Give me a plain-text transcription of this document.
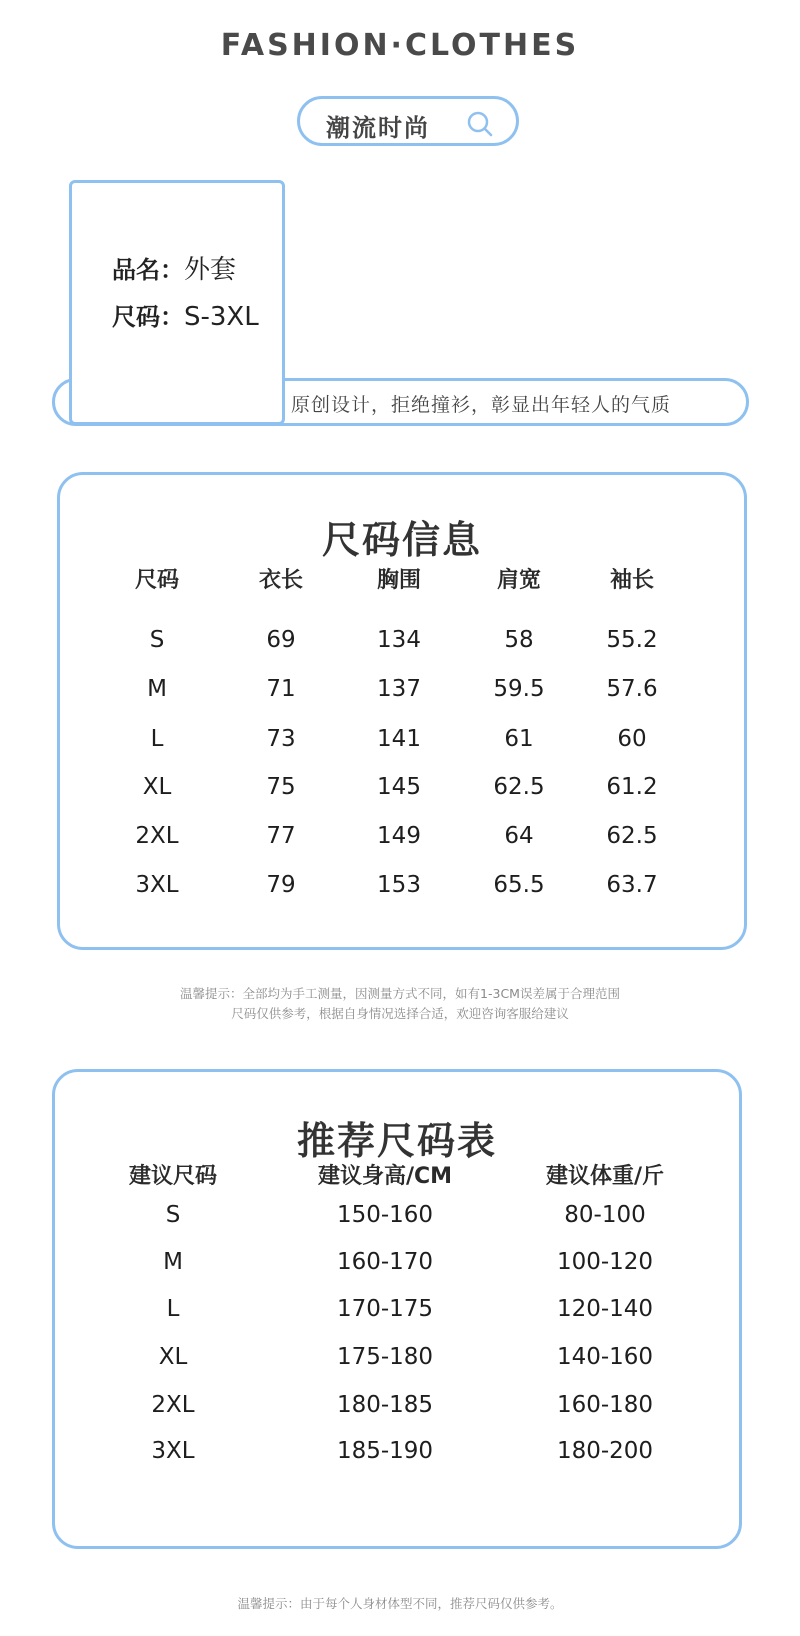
FASHION·CLOTHES
潮流时尚
原创设计，拒绝撞衫，彰显出年轻人的气质
品名：外套
尺码：S-3XL
尺码信息
尺码	衣长	胸围	肩宽	袖长
S	69	134	58	55.2
M	71	137	59.5	57.6
L	73	141	61	60
XL	75	145	62.5	61.2
2XL	77	149	64	62.5
3XL	79	153	65.5	63.7
温馨提示：全部均为手工测量，因测量方式不同，如有1-3CM误差属于合理范围
尺码仅供参考，根据自身情况选择合适，欢迎咨询客服给建议
推荐尺码表
建议尺码	建议身高/CM	建议体重/斤
S	150-160	80-100
M	160-170	100-120
L	170-175	120-140
XL	175-180	140-160
2XL	180-185	160-180
3XL	185-190	180-200
温馨提示：由于每个人身材体型不同，推荐尺码仅供参考。
